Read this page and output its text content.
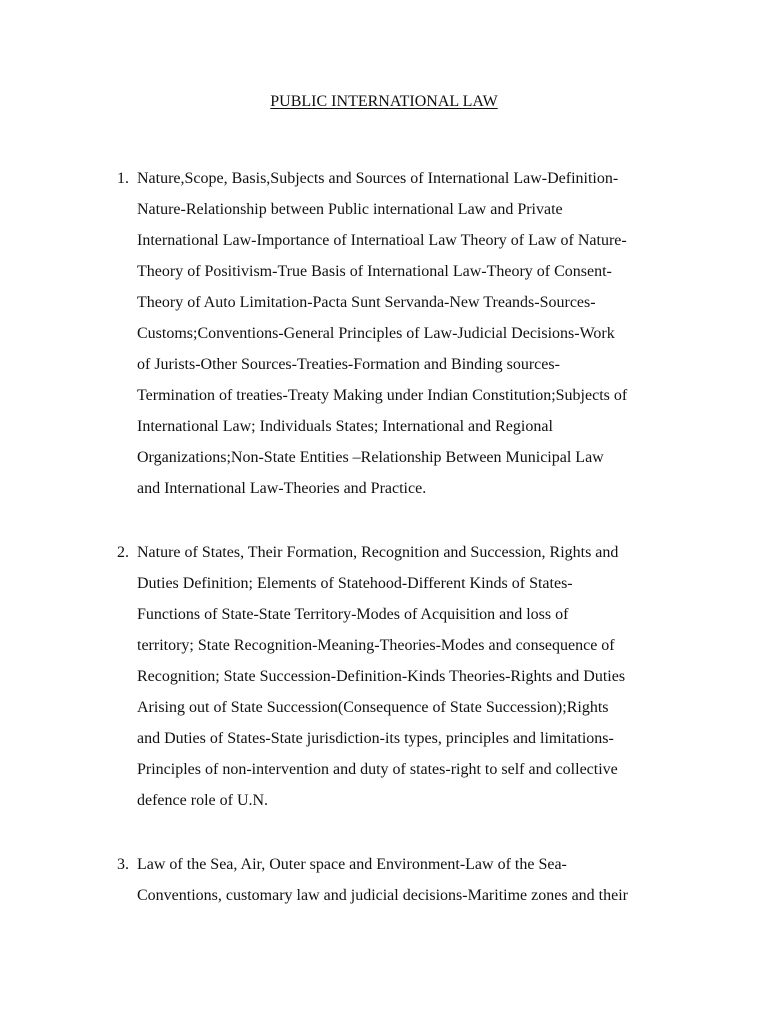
PUBLIC INTERNATIONAL LAW
1. Nature,Scope, Basis,Subjects and Sources of International Law-Definition-
Nature-Relationship between Public international Law and Private
International Law-Importance of Internatioal Law Theory of Law of Nature-
Theory of Positivism-True Basis of International Law-Theory of Consent-
Theory of Auto Limitation-Pacta Sunt Servanda-New Treands-Sources-
Customs;Conventions-General Principles of Law-Judicial Decisions-Work
of Jurists-Other Sources-Treaties-Formation and Binding sources-
Termination of treaties-Treaty Making under Indian Constitution;Subjects of
International Law; Individuals States; International and Regional
Organizations;Non-State Entities –Relationship Between Municipal Law
and International Law-Theories and Practice.
2. Nature of States, Their Formation, Recognition and Succession, Rights and
Duties Definition; Elements of Statehood-Different Kinds of States-
Functions of State-State Territory-Modes of Acquisition and loss of
territory; State Recognition-Meaning-Theories-Modes and consequence of
Recognition; State Succession-Definition-Kinds Theories-Rights and Duties
Arising out of State Succession(Consequence of State Succession);Rights
and Duties of States-State jurisdiction-its types, principles and limitations-
Principles of non-intervention and duty of states-right to self and collective
defence role of U.N.
3. Law of the Sea, Air, Outer space and Environment-Law of the Sea-
Conventions, customary law and judicial decisions-Maritime zones and their
